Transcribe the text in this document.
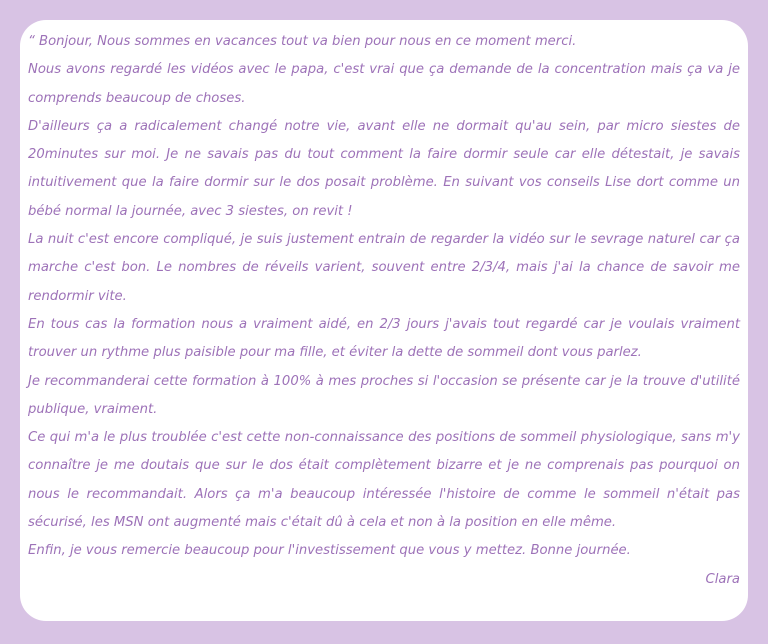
“ Bonjour, Nous sommes en vacances tout va bien pour nous en ce moment merci.

Nous avons regardé les vidéos avec le papa, c'est vrai que ça demande de la concentration mais ça va je comprends beaucoup de choses.

D'ailleurs ça a radicalement changé notre vie, avant elle ne dormait qu'au sein, par micro siestes de 20minutes sur moi. Je ne savais pas du tout comment la faire dormir seule car elle détestait, je savais intuitivement que la faire dormir sur le dos posait problème. En suivant vos conseils Lise dort comme un bébé normal la journée, avec 3 siestes, on revit !

La nuit c'est encore compliqué, je suis justement entrain de regarder la vidéo sur le sevrage naturel car ça marche c'est bon. Le nombres de réveils varient, souvent entre 2/3/4, mais j'ai la chance de savoir me rendormir vite.

En tous cas la formation nous a vraiment aidé, en 2/3 jours j'avais tout regardé car je voulais vraiment trouver un rythme plus paisible pour ma fille, et éviter la dette de sommeil dont vous parlez.

Je recommanderai cette formation à 100% à mes proches si l'occasion se présente car je la trouve d'utilité publique, vraiment.

Ce qui m'a le plus troublée c'est cette non-connaissance des positions de sommeil physiologique, sans m'y connaître je me doutais que sur le dos était complètement bizarre et je ne comprenais pas pourquoi on nous le recommandait. Alors ça m'a beaucoup intéressée l'histoire de comme le sommeil n'était pas sécurisé, les MSN ont augmenté mais c'était dû à cela et non à la position en elle même.

Enfin, je vous remercie beaucoup pour l'investissement que vous y mettez. Bonne journée.

Clara
